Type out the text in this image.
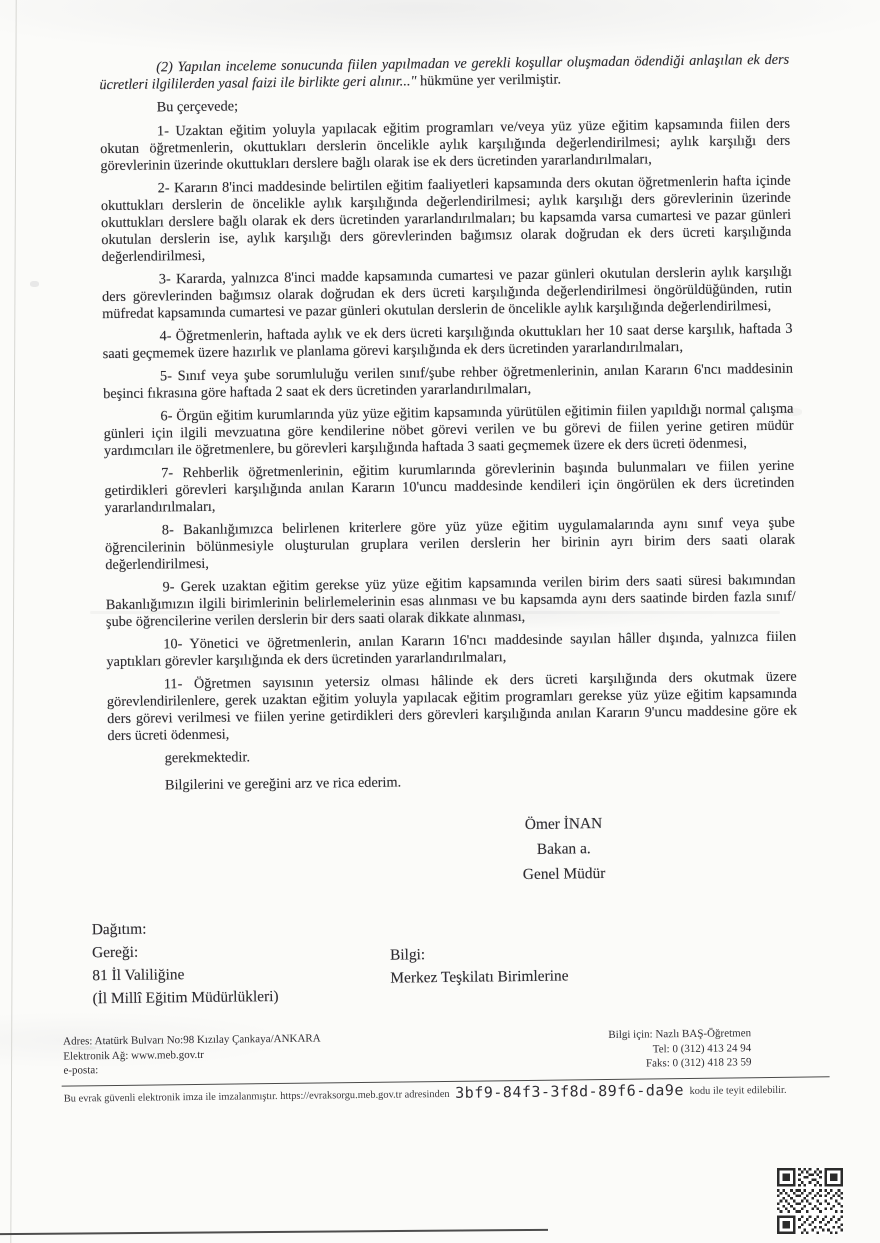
(2) Yapılan inceleme sonucunda fiilen yapılmadan ve gerekli koşullar oluşmadan ödendiği anlaşılan ek ders ücretleri ilgililerden yasal faizi ile birlikte geri alınır..." hükmüne yer verilmiştir.

Bu çerçevede;

1- Uzaktan eğitim yoluyla yapılacak eğitim programları ve/veya yüz yüze eğitim kapsamında fiilen ders okutan öğretmenlerin, okuttukları derslerin öncelikle aylık karşılığında değerlendirilmesi; aylık karşılığı ders görevlerinin üzerinde okuttukları derslere bağlı olarak ise ek ders ücretinden yararlandırılmaları,

2- Kararın 8'inci maddesinde belirtilen eğitim faaliyetleri kapsamında ders okutan öğretmenlerin hafta içinde okuttukları derslerin de öncelikle aylık karşılığında değerlendirilmesi; aylık karşılığı ders görevlerinin üzerinde okuttukları derslere bağlı olarak ek ders ücretinden yararlandırılmaları; bu kapsamda varsa cumartesi ve pazar günleri okutulan derslerin ise, aylık karşılığı ders görevlerinden bağımsız olarak doğrudan ek ders ücreti karşılığında değerlendirilmesi,

3- Kararda, yalnızca 8'inci madde kapsamında cumartesi ve pazar günleri okutulan derslerin aylık karşılığı ders görevlerinden bağımsız olarak doğrudan ek ders ücreti karşılığında değerlendirilmesi öngörüldüğünden, rutin müfredat kapsamında cumartesi ve pazar günleri okutulan derslerin de öncelikle aylık karşılığında değerlendirilmesi,

4- Öğretmenlerin, haftada aylık ve ek ders ücreti karşılığında okuttukları her 10 saat derse karşılık, haftada 3 saati geçmemek üzere hazırlık ve planlama görevi karşılığında ek ders ücretinden yararlandırılmaları,

5- Sınıf veya şube sorumluluğu verilen sınıf/şube rehber öğretmenlerinin, anılan Kararın 6'ncı maddesinin beşinci fıkrasına göre haftada 2 saat ek ders ücretinden yararlandırılmaları,

6- Örgün eğitim kurumlarında yüz yüze eğitim kapsamında yürütülen eğitimin fiilen yapıldığı normal çalışma günleri için ilgili mevzuatına göre kendilerine nöbet görevi verilen ve bu görevi de fiilen yerine getiren müdür yardımcıları ile öğretmenlere, bu görevleri karşılığında haftada 3 saati geçmemek üzere ek ders ücreti ödenmesi,

7- Rehberlik öğretmenlerinin, eğitim kurumlarında görevlerinin başında bulunmaları ve fiilen yerine getirdikleri görevleri karşılığında anılan Kararın 10'uncu maddesinde kendileri için öngörülen ek ders ücretinden yararlandırılmaları,

8- Bakanlığımızca belirlenen kriterlere göre yüz yüze eğitim uygulamalarında aynı sınıf veya şube öğrencilerinin bölünmesiyle oluşturulan gruplara verilen derslerin her birinin ayrı birim ders saati olarak değerlendirilmesi,

9- Gerek uzaktan eğitim gerekse yüz yüze eğitim kapsamında verilen birim ders saati süresi bakımından Bakanlığımızın ilgili birimlerinin belirlemelerinin esas alınması ve bu kapsamda aynı ders saatinde birden fazla sınıf/şube öğrencilerine verilen derslerin bir ders saati olarak dikkate alınması,

10- Yönetici ve öğretmenlerin, anılan Kararın 16'ncı maddesinde sayılan hâller dışında, yalnızca fiilen yaptıkları görevler karşılığında ek ders ücretinden yararlandırılmaları,

11- Öğretmen sayısının yetersiz olması hâlinde ek ders ücreti karşılığında ders okutmak üzere görevlendirilenlere, gerek uzaktan eğitim yoluyla yapılacak eğitim programları gerekse yüz yüze eğitim kapsamında ders görevi verilmesi ve fiilen yerine getirdikleri ders görevleri karşılığında anılan Kararın 9'uncu maddesine göre ek ders ücreti ödenmesi,

gerekmektedir.

Bilgilerini ve gereğini arz ve rica ederim.

Ömer İNAN
Bakan a.
Genel Müdür
Dağıtım:
Gereği:
81 İl Valiliğine
(İl Millî Eğitim Müdürlükleri)
Bilgi:
Merkez Teşkilatı Birimlerine
Adres: Atatürk Bulvarı No:98 Kızılay Çankaya/ANKARA
Elektronik Ağ: www.meb.gov.tr
e-posta:
Bilgi için: Nazlı BAŞ-Öğretmen
Tel: 0 (312) 413 24 94
Faks: 0 (312) 418 23 59
Bu evrak güvenli elektronik imza ile imzalanmıştır. https://evraksorgu.meb.gov.tr adresinden 3bf9-84f3-3f8d-89f6-da9e kodu ile teyit edilebilir.
